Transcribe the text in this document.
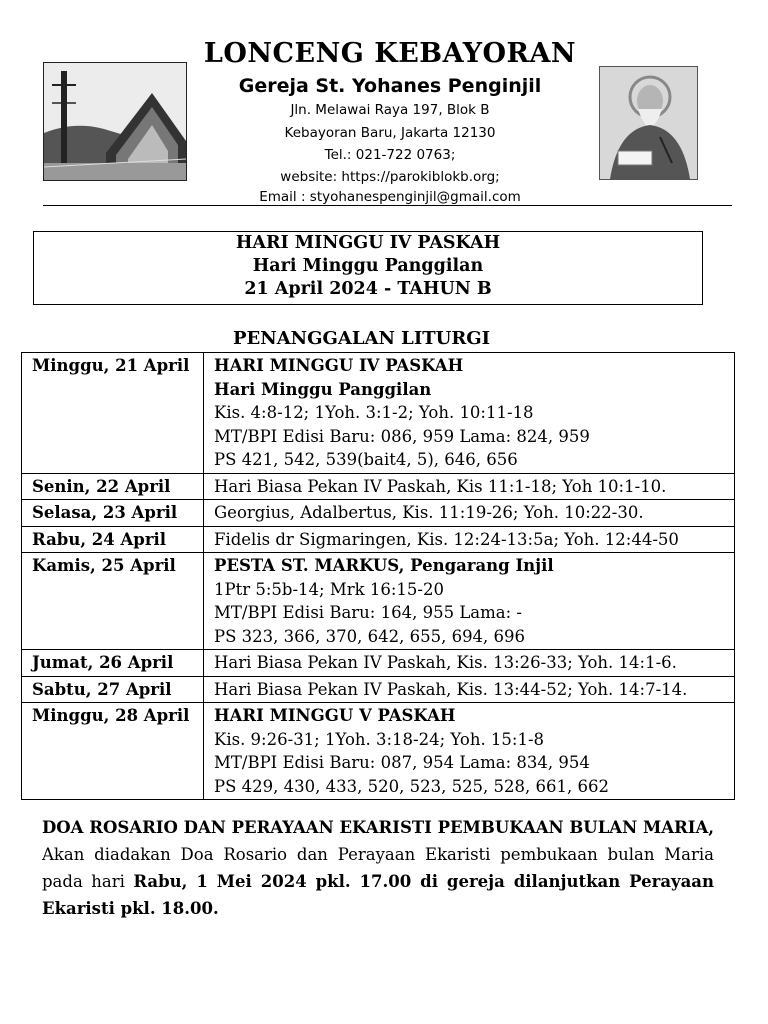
LONCENG KEBAYORAN
Gereja St. Yohanes Penginjil
Jln. Melawai Raya 197, Blok B
Kebayoran Baru, Jakarta 12130
Tel.: 021-722 0763;
website: https://parokiblokb.org;
Email : styohanespenginjil@gmail.com
HARI MINGGU IV PASKAH
Hari Minggu Panggilan
21 April 2024 - TAHUN B
PENANGGALAN LITURGI
Minggu, 21 April	HARI MINGGU IV PASKAH
Hari Minggu Panggilan
Kis. 4:8-12; 1Yoh. 3:1-2; Yoh. 10:11-18
MT/BPI Edisi Baru: 086, 959 Lama: 824, 959
PS 421, 542, 539(bait4, 5), 646, 656

Senin, 22 April	Hari Biasa Pekan IV Paskah, Kis 11:1-18; Yoh 10:1-10.

Selasa, 23 April	Georgius, Adalbertus, Kis. 11:19-26; Yoh. 10:22-30.

Rabu, 24 April	Fidelis dr Sigmaringen, Kis. 12:24-13:5a; Yoh. 12:44-50

Kamis, 25 April	PESTA ST. MARKUS, Pengarang Injil
1Ptr 5:5b-14; Mrk 16:15-20
MT/BPI Edisi Baru: 164, 955 Lama: -
PS 323, 366, 370, 642, 655, 694, 696

Jumat, 26 April	Hari Biasa Pekan IV Paskah, Kis. 13:26-33; Yoh. 14:1-6.

Sabtu, 27 April	Hari Biasa Pekan IV Paskah, Kis. 13:44-52; Yoh. 14:7-14.

Minggu, 28 April	HARI MINGGU V PASKAH
Kis. 9:26-31; 1Yoh. 3:18-24; Yoh. 15:1-8
MT/BPI Edisi Baru: 087, 954 Lama: 834, 954
PS 429, 430, 433, 520, 523, 525, 528, 661, 662
DOA ROSARIO DAN PERAYAAN EKARISTI PEMBUKAAN BULAN MARIA, Akan diadakan Doa Rosario dan Perayaan Ekaristi pembukaan bulan Maria pada hari Rabu, 1 Mei 2024 pkl. 17.00 di gereja dilanjutkan Perayaan Ekaristi pkl. 18.00.
